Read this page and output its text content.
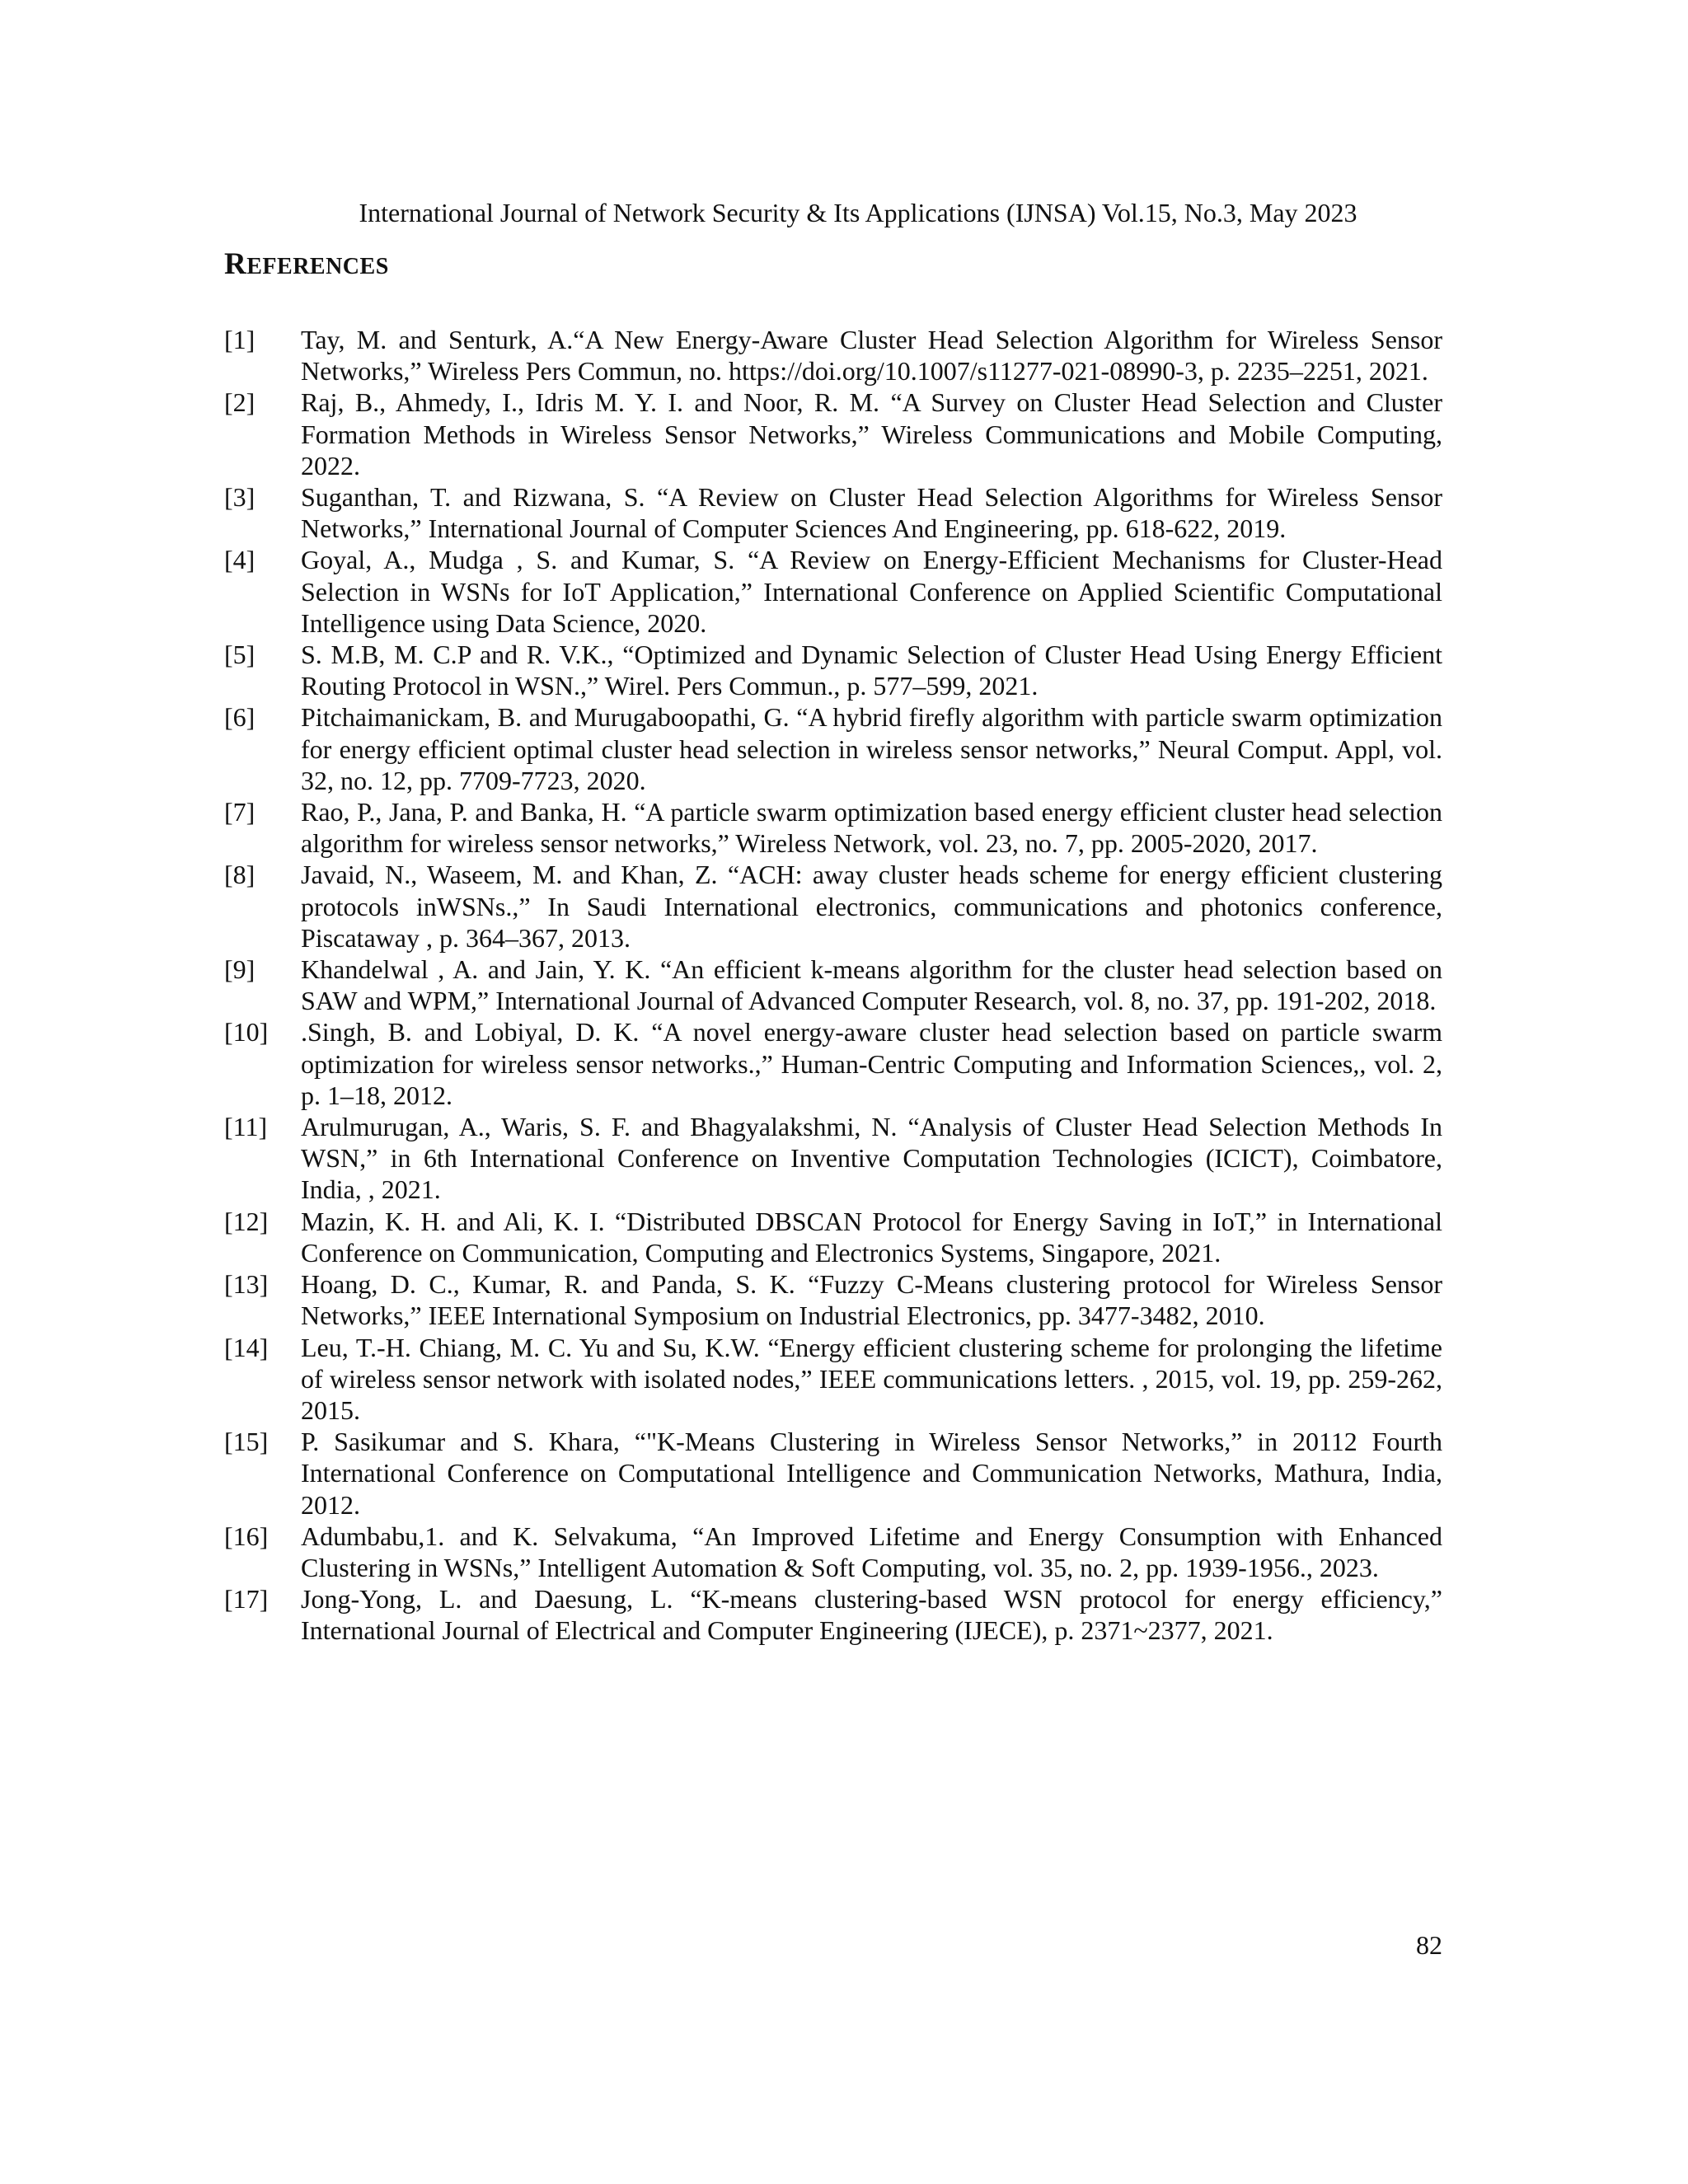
International Journal of Network Security & Its Applications (IJNSA) Vol.15, No.3, May 2023
REFERENCES
[1]	Tay, M. and Senturk, A.“A New Energy-Aware Cluster Head Selection Algorithm for Wireless Sensor Networks,” Wireless Pers Commun, no. https://doi.org/10.1007/s11277-021-08990-3, p. 2235–2251, 2021.
[2]	Raj, B., Ahmedy, I., Idris M. Y. I. and Noor, R. M. “A Survey on Cluster Head Selection and Cluster Formation Methods in Wireless Sensor Networks,” Wireless Communications and Mobile Computing, 2022.
[3]	Suganthan, T. and Rizwana, S. “A Review on Cluster Head Selection Algorithms for Wireless Sensor Networks,” International Journal of Computer Sciences And Engineering, pp. 618-622, 2019.
[4]	Goyal, A., Mudga , S. and Kumar, S. “A Review on Energy-Efficient Mechanisms for Cluster-Head Selection in WSNs for IoT Application,” International Conference on Applied Scientific Computational Intelligence using Data Science, 2020.
[5]	S. M.B, M. C.P and R. V.K., “Optimized and Dynamic Selection of Cluster Head Using Energy Efficient Routing Protocol in WSN.,” Wirel. Pers Commun., p. 577–599, 2021.
[6]	Pitchaimanickam, B. and Murugaboopathi, G. “A hybrid firefly algorithm with particle swarm optimization for energy efficient optimal cluster head selection in wireless sensor networks,” Neural Comput. Appl, vol. 32, no. 12, pp. 7709-7723, 2020.
[7]	Rao, P., Jana, P. and Banka, H. “A particle swarm optimization based energy efficient cluster head selection algorithm for wireless sensor networks,” Wireless Network, vol. 23, no. 7, pp. 2005-2020, 2017.
[8]	Javaid, N., Waseem, M. and Khan, Z. “ACH: away cluster heads scheme for energy efficient clustering protocols inWSNs.,” In Saudi International electronics, communications and photonics conference, Piscataway , p. 364–367, 2013.
[9]	Khandelwal , A. and Jain, Y. K. “An efficient k-means algorithm for the cluster head selection based on SAW and WPM,” International Journal of Advanced Computer Research, vol. 8, no. 37, pp. 191-202, 2018.
[10]	.Singh, B. and Lobiyal, D. K. “A novel energy-aware cluster head selection based on particle swarm optimization for wireless sensor networks.,” Human-Centric Computing and Information Sciences,, vol. 2, p. 1–18, 2012.
[11]	Arulmurugan, A., Waris, S. F. and Bhagyalakshmi, N. “Analysis of Cluster Head Selection Methods In WSN,” in 6th International Conference on Inventive Computation Technologies (ICICT), Coimbatore, India, , 2021.
[12]	Mazin, K. H. and Ali, K. I. “Distributed DBSCAN Protocol for Energy Saving in IoT,” in International Conference on Communication, Computing and Electronics Systems, Singapore, 2021.
[13]	Hoang, D. C., Kumar, R. and Panda, S. K. “Fuzzy C-Means clustering protocol for Wireless Sensor Networks,” IEEE International Symposium on Industrial Electronics, pp. 3477-3482, 2010.
[14]	Leu, T.-H. Chiang, M. C. Yu and Su, K.W. “Energy efficient clustering scheme for prolonging the lifetime of wireless sensor network with isolated nodes,” IEEE communications letters. , 2015, vol. 19, pp. 259-262, 2015.
[15]	P. Sasikumar and S. Khara, “"K-Means Clustering in Wireless Sensor Networks,” in 20112 Fourth International Conference on Computational Intelligence and Communication Networks, Mathura, India, 2012.
[16]	Adumbabu,1. and K. Selvakuma, “An Improved Lifetime and Energy Consumption with Enhanced Clustering in WSNs,” Intelligent Automation & Soft Computing, vol. 35, no. 2, pp. 1939-1956., 2023.
[17]	Jong-Yong, L. and Daesung, L. “K-means clustering-based WSN protocol for energy efficiency,” International Journal of Electrical and Computer Engineering (IJECE), p. 2371~2377, 2021.
82
